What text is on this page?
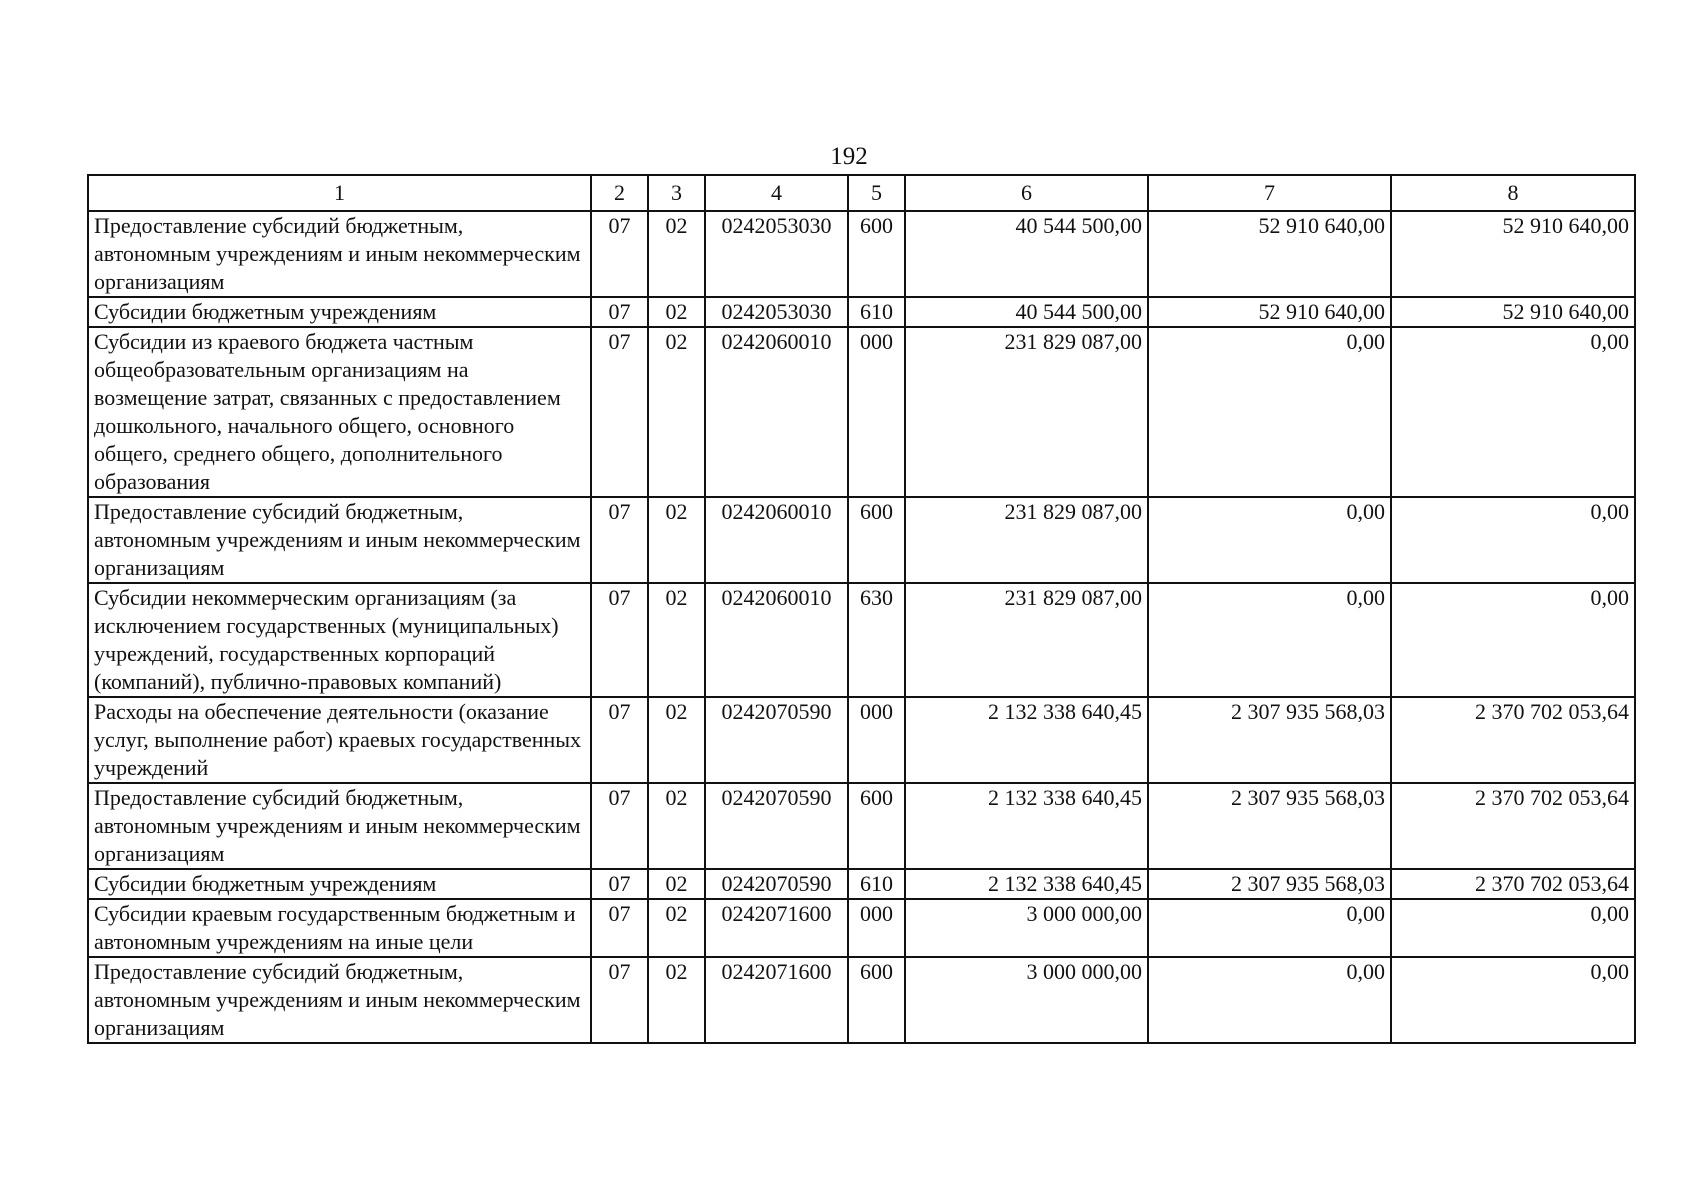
192
1	2	3	4	5	6	7	8
Предоставление субсидий бюджетным, автономным учреждениям и иным некоммерческим организациям	07	02	0242053030	600	40 544 500,00	52 910 640,00	52 910 640,00
Субсидии бюджетным учреждениям	07	02	0242053030	610	40 544 500,00	52 910 640,00	52 910 640,00
Субсидии из краевого бюджета частным общеобразовательным организациям на возмещение затрат, связанных с предоставлением дошкольного, начального общего, основного общего, среднего общего, дополнительного образования	07	02	0242060010	000	231 829 087,00	0,00	0,00
Предоставление субсидий бюджетным, автономным учреждениям и иным некоммерческим организациям	07	02	0242060010	600	231 829 087,00	0,00	0,00
Субсидии некоммерческим организациям (за исключением государственных (муниципальных) учреждений, государственных корпораций (компаний), публично-правовых компаний)	07	02	0242060010	630	231 829 087,00	0,00	0,00
Расходы на обеспечение деятельности (оказание услуг, выполнение работ) краевых государственных учреждений	07	02	0242070590	000	2 132 338 640,45	2 307 935 568,03	2 370 702 053,64
Предоставление субсидий бюджетным, автономным учреждениям и иным некоммерческим организациям	07	02	0242070590	600	2 132 338 640,45	2 307 935 568,03	2 370 702 053,64
Субсидии бюджетным учреждениям	07	02	0242070590	610	2 132 338 640,45	2 307 935 568,03	2 370 702 053,64
Субсидии краевым государственным бюджетным и автономным учреждениям на иные цели	07	02	0242071600	000	3 000 000,00	0,00	0,00
Предоставление субсидий бюджетным, автономным учреждениям и иным некоммерческим организациям	07	02	0242071600	600	3 000 000,00	0,00	0,00
